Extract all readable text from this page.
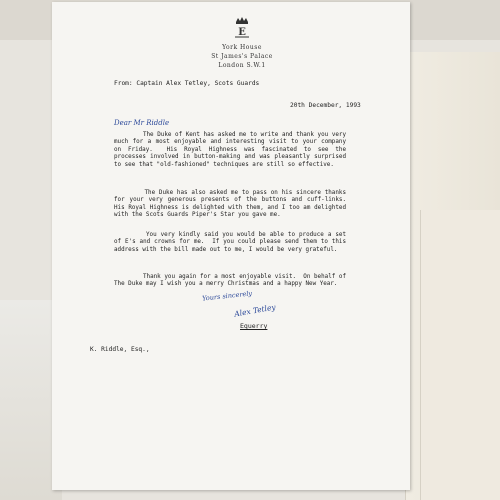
E
York House
St James's Palace
London S.W.1
From: Captain Alex Tetley, Scots Guards
20th December, 1993
Dear Mr Riddle
The Duke of Kent has asked me to write and thank you very much for a most enjoyable and interesting visit to your company on Friday.  His Royal Highness was fascinated to see the processes involved in button-making and was pleasantly surprised to see that "old-fashioned" techniques are still so effective.
The Duke has also asked me to pass on his sincere thanks for your very generous presents of the buttons and cuff-links.  His Royal Highness is delighted with them, and I too am delighted with the Scots Guards Piper's Star you gave me.
You very kindly said you would be able to produce a set of E's and crowns for me.  If you could please send them to this address with the bill made out to me, I would be very grateful.
Thank you again for a most enjoyable visit.  On behalf of The Duke may I wish you a merry Christmas and a happy New Year.
Yours sincerely
Alex Tetley
Equerry
K. Riddle, Esq.,
